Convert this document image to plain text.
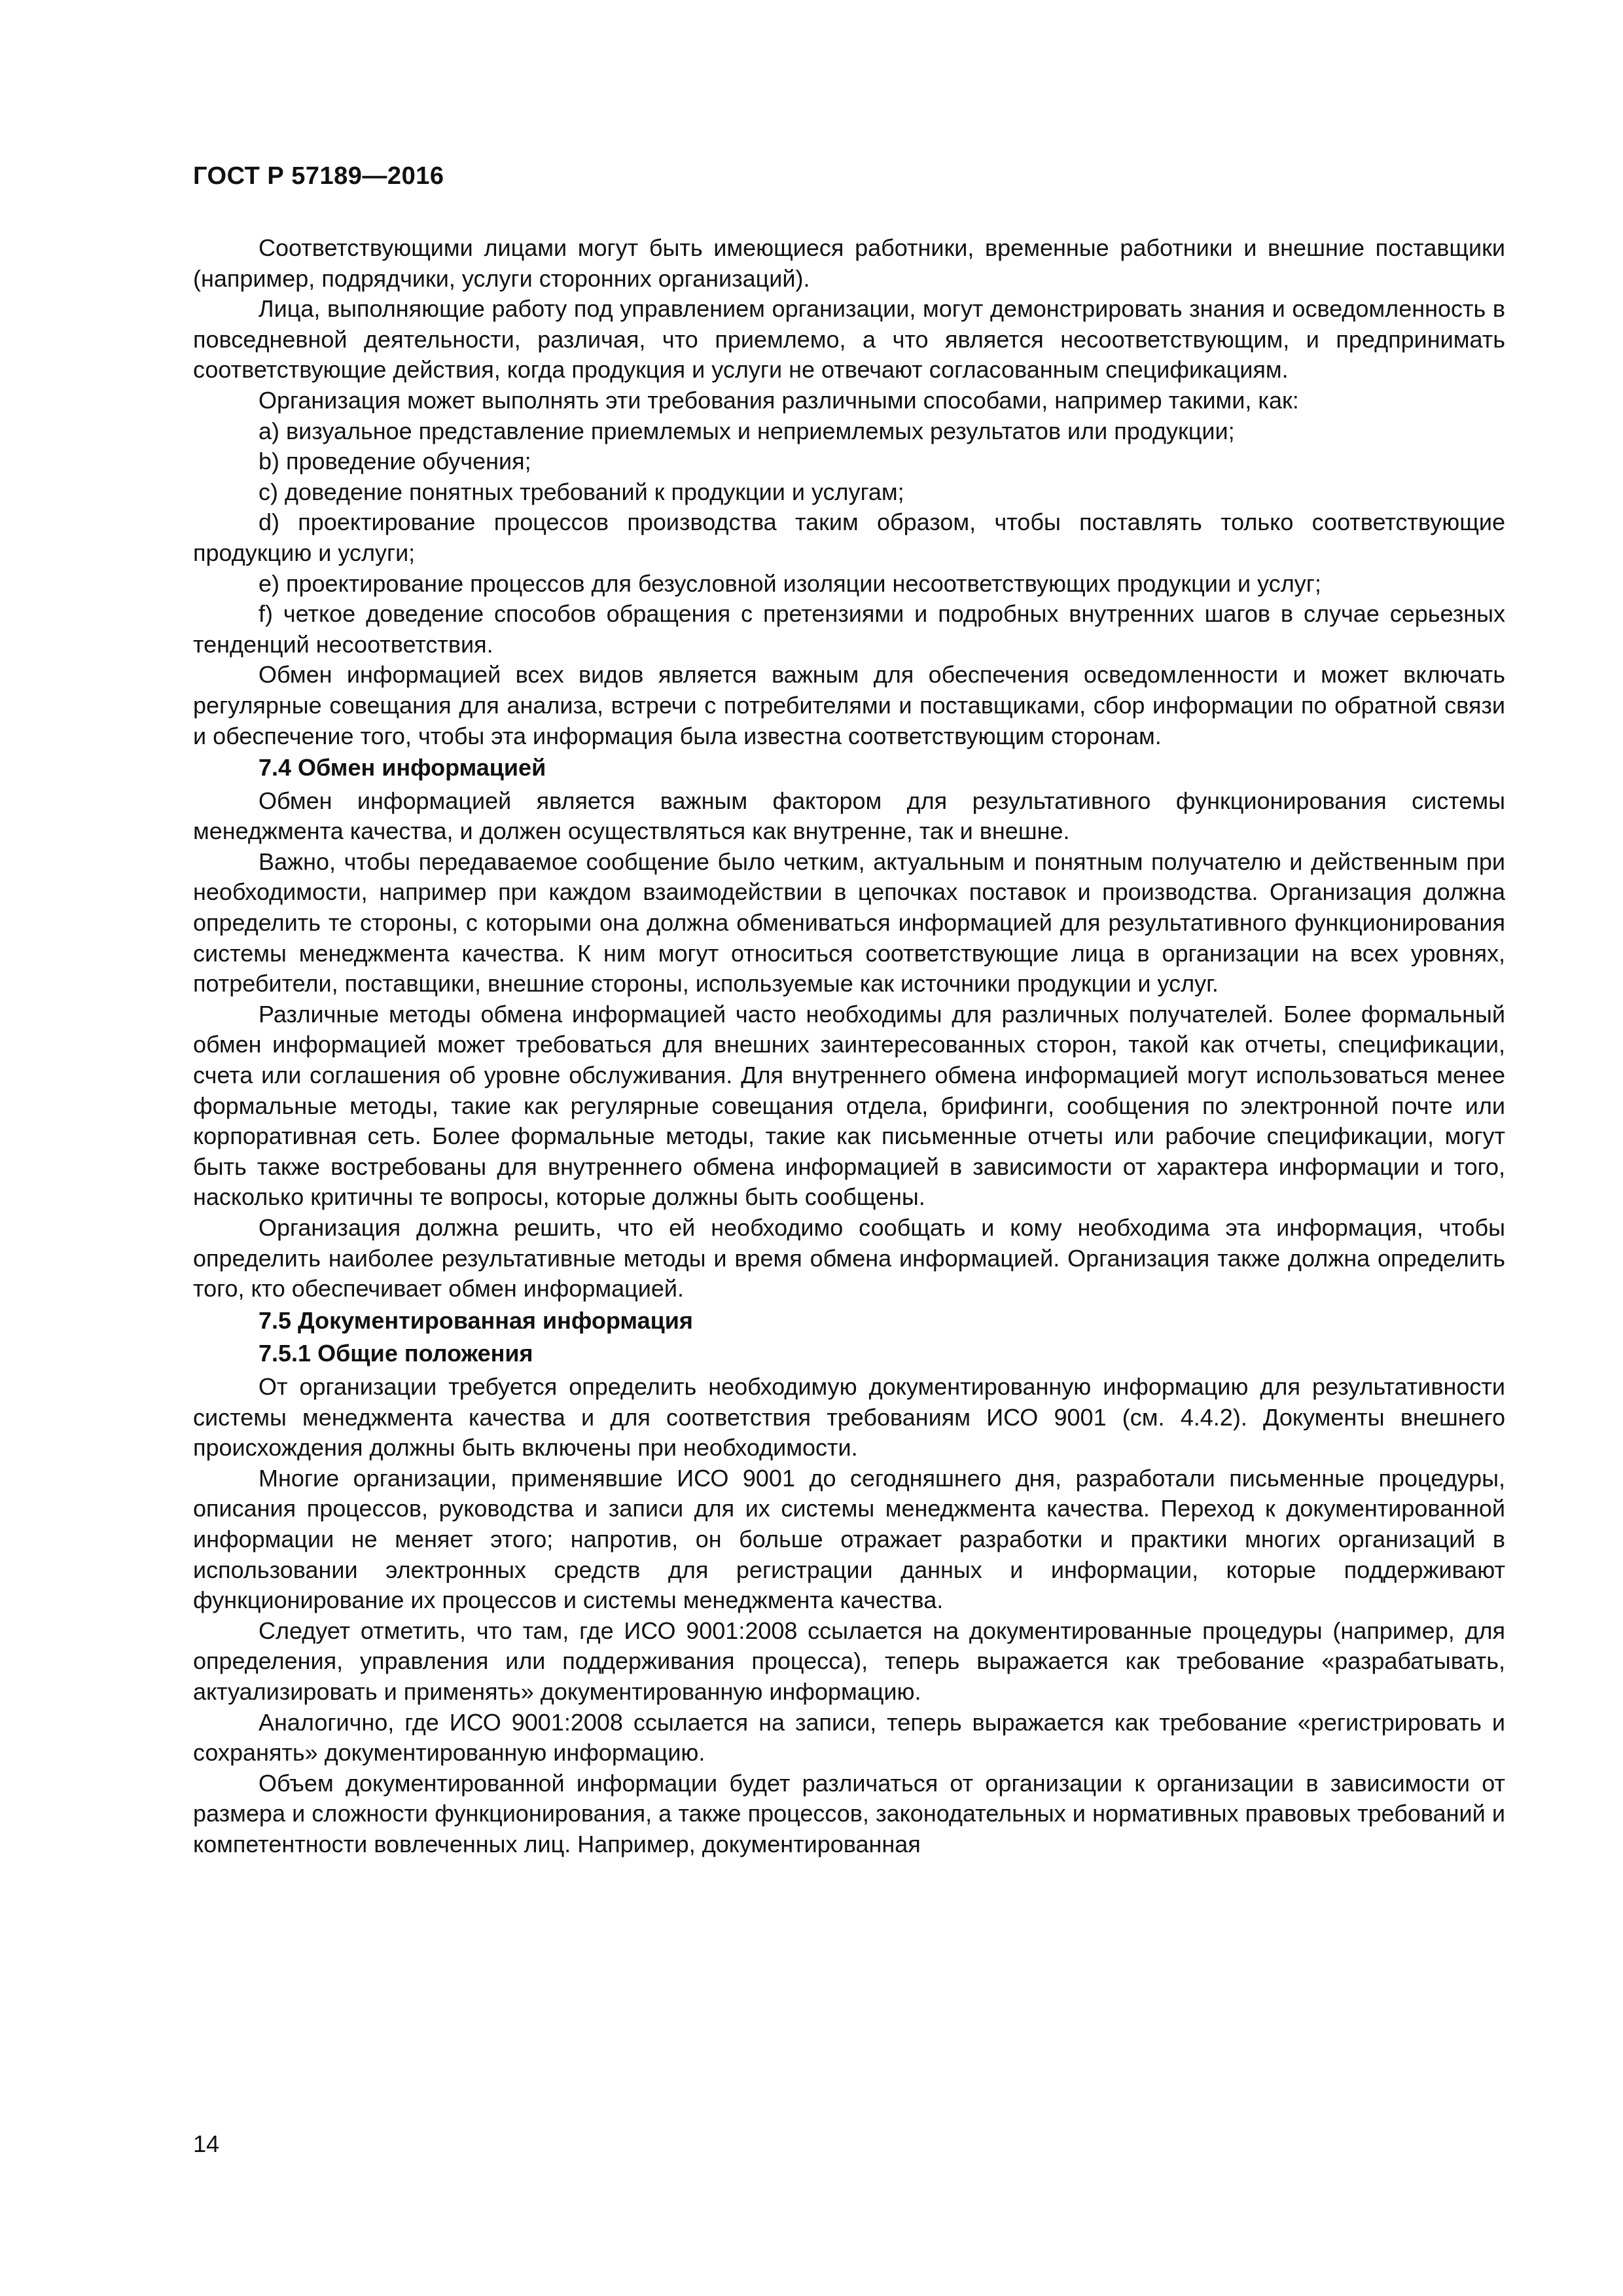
ГОСТ Р 57189—2016

Соответствующими лицами могут быть имеющиеся работники, временные работники и внешние поставщики (например, подрядчики, услуги сторонних организаций).

Лица, выполняющие работу под управлением организации, могут демонстрировать знания и осведомленность в повседневной деятельности, различая, что приемлемо, а что является несоответствующим, и предпринимать соответствующие действия, когда продукция и услуги не отвечают согласованным спецификациям.

Организация может выполнять эти требования различными способами, например такими, как:

a) визуальное представление приемлемых и неприемлемых результатов или продукции;

b) проведение обучения;

c) доведение понятных требований к продукции и услугам;

d) проектирование процессов производства таким образом, чтобы поставлять только соответствующие продукцию и услуги;

e) проектирование процессов для безусловной изоляции несоответствующих продукции и услуг;

f) четкое доведение способов обращения с претензиями и подробных внутренних шагов в случае серьезных тенденций несоответствия.

Обмен информацией всех видов является важным для обеспечения осведомленности и может включать регулярные совещания для анализа, встречи с потребителями и поставщиками, сбор информации по обратной связи и обеспечение того, чтобы эта информация была известна соответствующим сторонам.

7.4 Обмен информацией

Обмен информацией является важным фактором для результативного функционирования системы менеджмента качества, и должен осуществляться как внутренне, так и внешне.

Важно, чтобы передаваемое сообщение было четким, актуальным и понятным получателю и действенным при необходимости, например при каждом взаимодействии в цепочках поставок и производства. Организация должна определить те стороны, с которыми она должна обмениваться информацией для результативного функционирования системы менеджмента качества. К ним могут относиться соответствующие лица в организации на всех уровнях, потребители, поставщики, внешние стороны, используемые как источники продукции и услуг.

Различные методы обмена информацией часто необходимы для различных получателей. Более формальный обмен информацией может требоваться для внешних заинтересованных сторон, такой как отчеты, спецификации, счета или соглашения об уровне обслуживания. Для внутреннего обмена информацией могут использоваться менее формальные методы, такие как регулярные совещания отдела, брифинги, сообщения по электронной почте или корпоративная сеть. Более формальные методы, такие как письменные отчеты или рабочие спецификации, могут быть также востребованы для внутреннего обмена информацией в зависимости от характера информации и того, насколько критичны те вопросы, которые должны быть сообщены.

Организация должна решить, что ей необходимо сообщать и кому необходима эта информация, чтобы определить наиболее результативные методы и время обмена информацией. Организация также должна определить того, кто обеспечивает обмен информацией.

7.5 Документированная информация

7.5.1 Общие положения

От организации требуется определить необходимую документированную информацию для результативности системы менеджмента качества и для соответствия требованиям ИСО 9001 (см. 4.4.2). Документы внешнего происхождения должны быть включены при необходимости.

Многие организации, применявшие ИСО 9001 до сегодняшнего дня, разработали письменные процедуры, описания процессов, руководства и записи для их системы менеджмента качества. Переход к документированной информации не меняет этого; напротив, он больше отражает разработки и практики многих организаций в использовании электронных средств для регистрации данных и информации, которые поддерживают функционирование их процессов и системы менеджмента качества.

Следует отметить, что там, где ИСО 9001:2008 ссылается на документированные процедуры (например, для определения, управления или поддерживания процесса), теперь выражается как требование «разрабатывать, актуализировать и применять» документированную информацию.

Аналогично, где ИСО 9001:2008 ссылается на записи, теперь выражается как требование «регистрировать и сохранять» документированную информацию.

Объем документированной информации будет различаться от организации к организации в зависимости от размера и сложности функционирования, а также процессов, законодательных и нормативных правовых требований и компетентности вовлеченных лиц. Например, документированная

14
